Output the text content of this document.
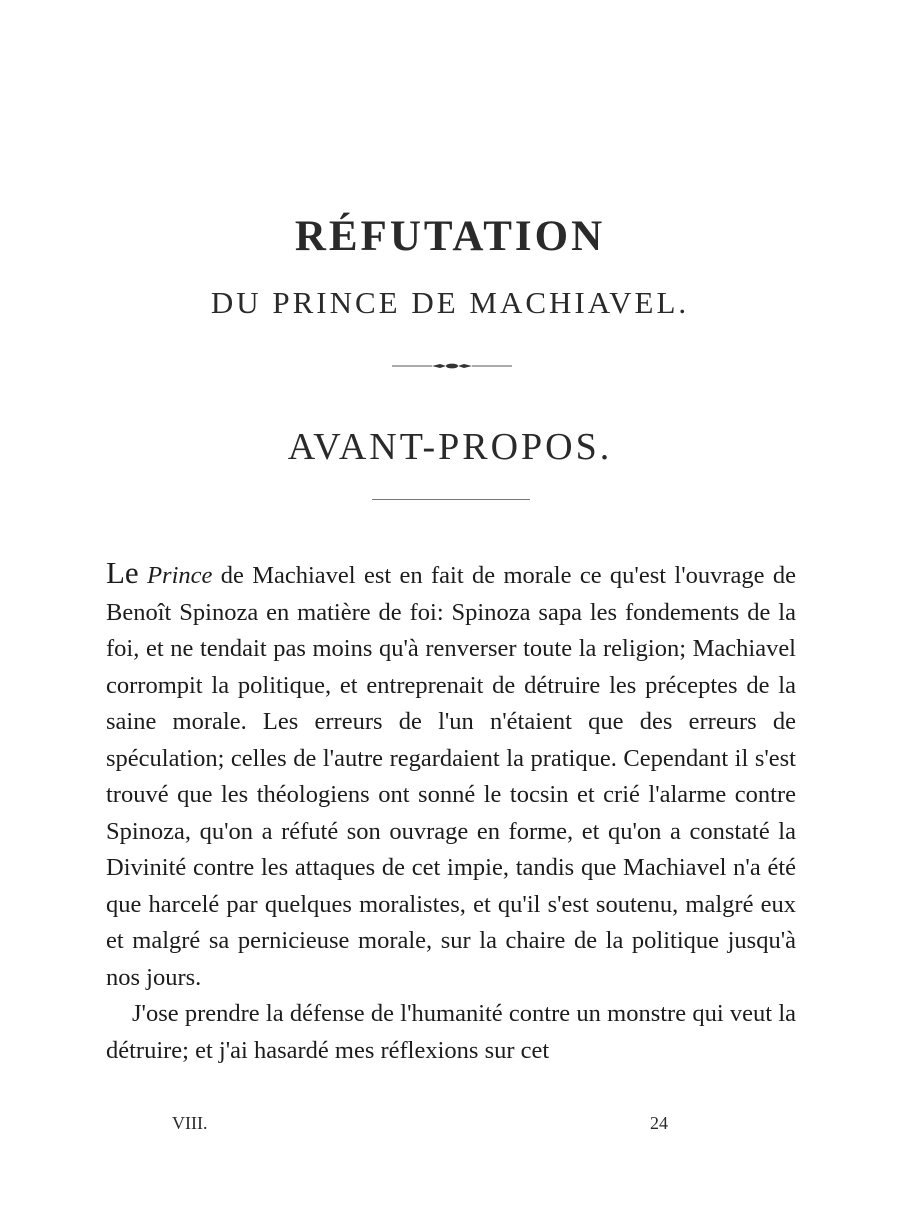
RÉFUTATION
DU PRINCE DE MACHIAVEL.
AVANT-PROPOS.

Le Prince de Machiavel est en fait de morale ce qu'est l'ouvrage de Benoît Spinoza en matière de foi: Spinoza sapa les fondements de la foi, et ne tendait pas moins qu'à renverser toute la religion; Machiavel corrompit la politique, et entreprenait de détruire les préceptes de la saine morale. Les erreurs de l'un n'étaient que des erreurs de spéculation; celles de l'autre regardaient la pratique. Cependant il s'est trouvé que les théologiens ont sonné le tocsin et crié l'alarme contre Spinoza, qu'on a réfuté son ouvrage en forme, et qu'on a constaté la Divinité contre les attaques de cet impie, tandis que Machiavel n'a été que harcelé par quelques moralistes, et qu'il s'est soutenu, malgré eux et malgré sa pernicieuse morale, sur la chaire de la politique jusqu'à nos jours.

J'ose prendre la défense de l'humanité contre un monstre qui veut la détruire; et j'ai hasardé mes réflexions sur cet

VIII.	24
